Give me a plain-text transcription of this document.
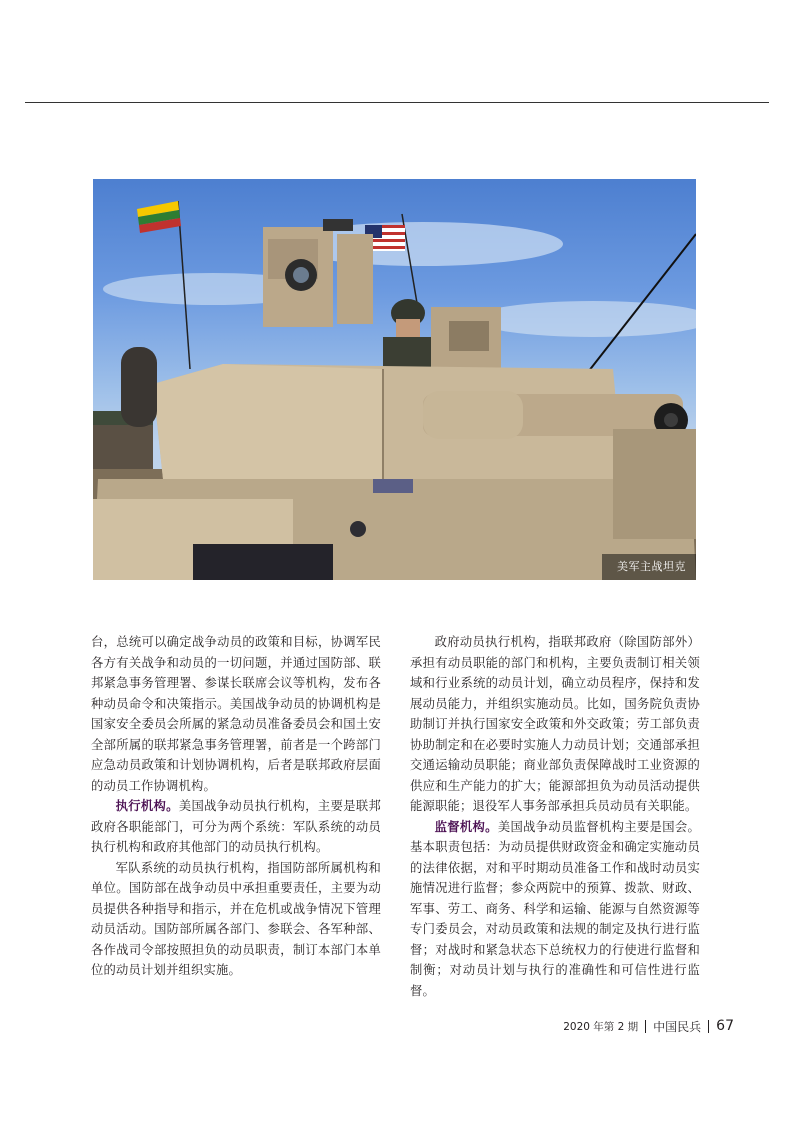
美军主战坦克

台，总统可以确定战争动员的政策和目标，协调军民各方有关战争和动员的一切问题，并通过国防部、联邦紧急事务管理署、参谋长联席会议等机构，发布各种动员命令和决策指示。美国战争动员的协调机构是国家安全委员会所属的紧急动员准备委员会和国土安全部所属的联邦紧急事务管理署，前者是一个跨部门应急动员政策和计划协调机构，后者是联邦政府层面的动员工作协调机构。

执行机构。美国战争动员执行机构，主要是联邦政府各职能部门，可分为两个系统：军队系统的动员执行机构和政府其他部门的动员执行机构。

军队系统的动员执行机构，指国防部所属机构和单位。国防部在战争动员中承担重要责任，主要为动员提供各种指导和指示，并在危机或战争情况下管理动员活动。国防部所属各部门、参联会、各军种部、各作战司令部按照担负的动员职责，制订本部门本单位的动员计划并组织实施。

政府动员执行机构，指联邦政府（除国防部外）承担有动员职能的部门和机构，主要负责制订相关领域和行业系统的动员计划，确立动员程序，保持和发展动员能力，并组织实施动员。比如，国务院负责协助制订并执行国家安全政策和外交政策；劳工部负责协助制定和在必要时实施人力动员计划；交通部承担交通运输动员职能；商业部负责保障战时工业资源的供应和生产能力的扩大；能源部担负为动员活动提供能源职能；退役军人事务部承担兵员动员有关职能。

监督机构。美国战争动员监督机构主要是国会。基本职责包括：为动员提供财政资金和确定实施动员的法律依据，对和平时期动员准备工作和战时动员实施情况进行监督；参众两院中的预算、拨款、财政、军事、劳工、商务、科学和运输、能源与自然资源等专门委员会，对动员政策和法规的制定及执行进行监督；对战时和紧急状态下总统权力的行使进行监督和制衡；对动员计划与执行的准确性和可信性进行监督。

2020 年第 2 期 中国民兵 67
